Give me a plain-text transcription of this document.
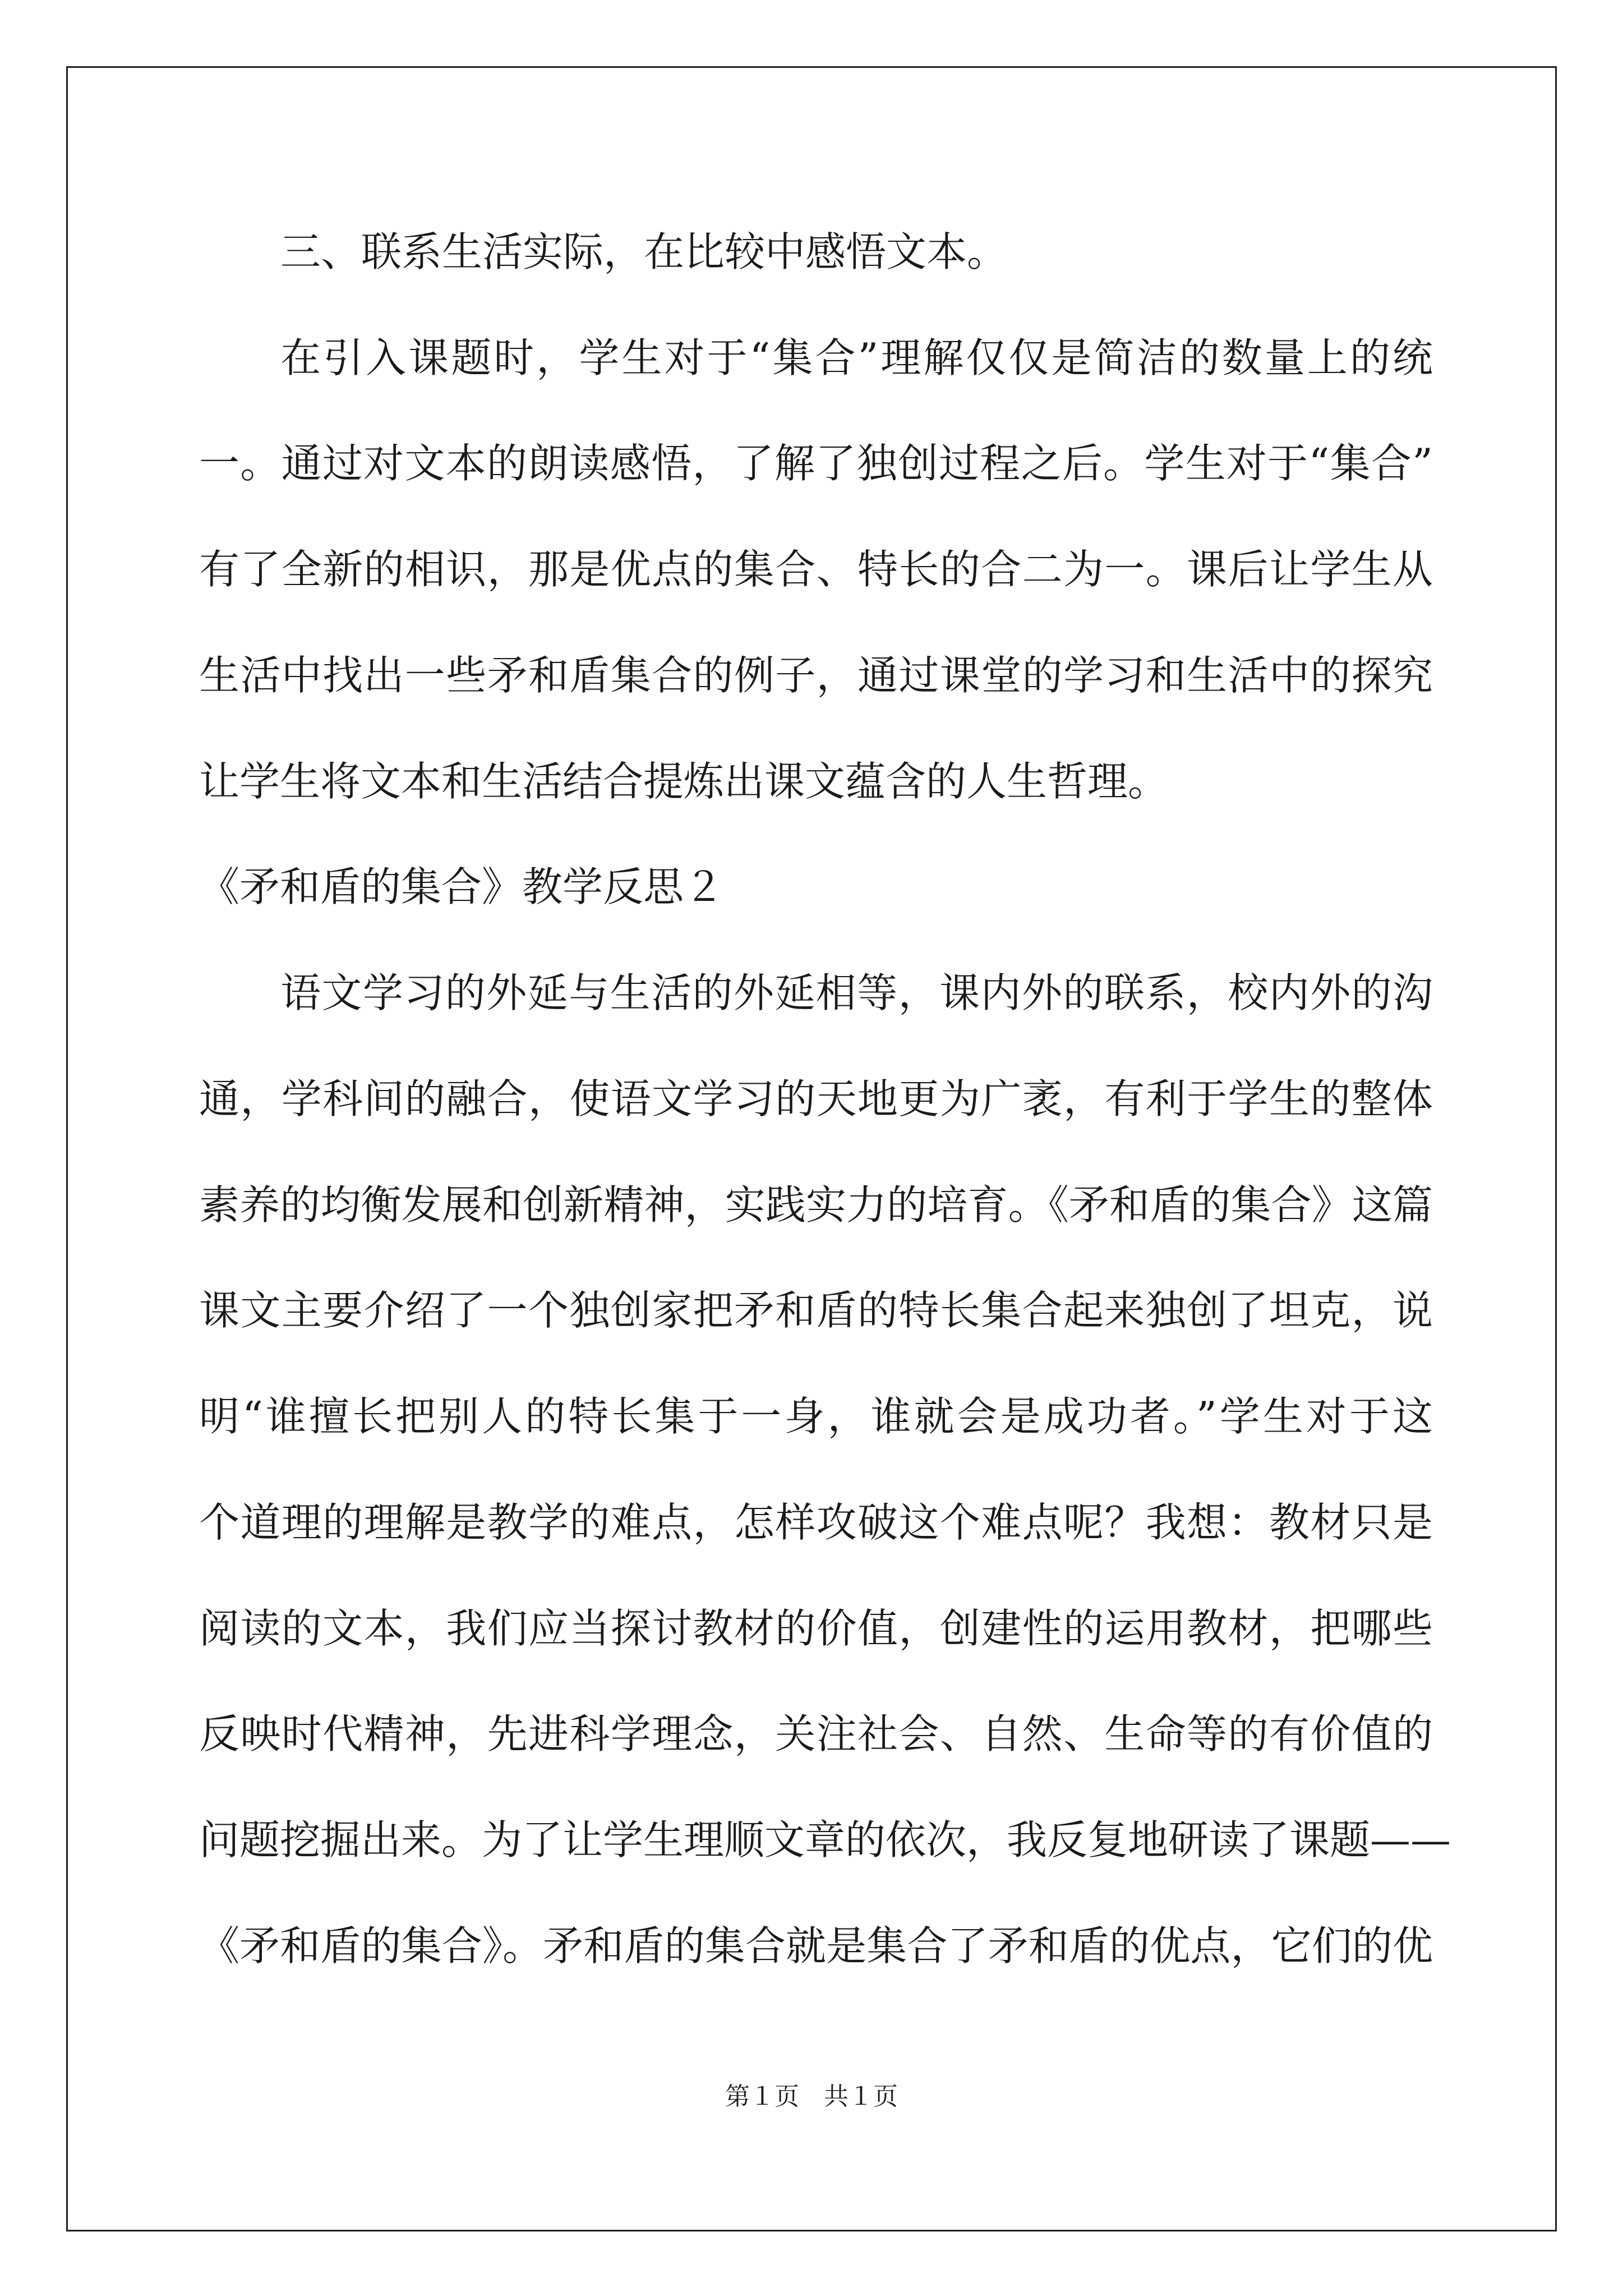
三、联系生活实际，在比较中感悟文本。
在引入课题时，学生对于“集合”理解仅仅是简洁的数量上的统
一。通过对文本的朗读感悟，了解了独创过程之后。学生对于“集合”
有了全新的相识，那是优点的集合、特长的合二为一。课后让学生从
生活中找出一些矛和盾集合的例子，通过课堂的学习和生活中的探究
让学生将文本和生活结合提炼出课文蕴含的人生哲理。
《矛和盾的集合》教学反思２
语文学习的外延与生活的外延相等，课内外的联系，校内外的沟
通，学科间的融合，使语文学习的天地更为广袤，有利于学生的整体
素养的均衡发展和创新精神，实践实力的培育。《矛和盾的集合》这篇
课文主要介绍了一个独创家把矛和盾的特长集合起来独创了坦克，说
明“谁擅长把别人的特长集于一身，谁就会是成功者。”学生对于这
个道理的理解是教学的难点，怎样攻破这个难点呢？我想：教材只是
阅读的文本，我们应当探讨教材的价值，创建性的运用教材，把哪些
反映时代精神，先进科学理念，关注社会、自然、生命等的有价值的
问题挖掘出来。为了让学生理顺文章的依次，我反复地研读了课题——
《矛和盾的集合》。矛和盾的集合就是集合了矛和盾的优点，它们的优
第１页　共１页
